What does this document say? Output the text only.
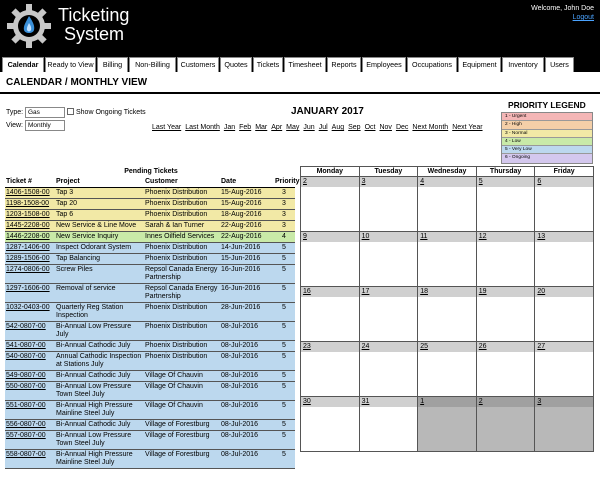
Ticketing
System
Welcome, John Doe
Logout
Calendar	Ready to View	Billing	Non-Billing	Customers	Quotes	Tickets	Timesheet	Reports	Employees	Occupations	Equipment	Inventory	Users
CALENDAR / MONTHLY VIEW
Type: Gas	Show Ongoing Tickets
View: Monthly
JANUARY 2017
Last Year Last Month Jan Feb Mar Apr May Jun Jul Aug Sep Oct Nov Dec Next Month Next Year
PRIORITY LEGEND
1 - Urgent
2 - High
3 - Normal
4 - Low
5 - Very Low
6 - Ongoing
Pending Tickets
Ticket #	Project	Customer	Date	Priority
1406-1508-00 Tap 3	Phoenix Distribution	15-Aug-2016	3
1198-1508-00 Tap 20	Phoenix Distribution	15-Aug-2016	3
1203-1508-00 Tap 6	Phoenix Distribution	18-Aug-2016	3
1445-2208-00 New Service & Line Move	Sarah & Ian Turner	22-Aug-2016	3
1446-2208-00 New Service Inquiry	Innes Oilfield Services 22-Aug-2016	4
1287-1406-00 Inspect Odorant System	Phoenix Distribution	14-Jun-2016	5
1289-1506-00 Tap Balancing	Phoenix Distribution	15-Jun-2016	5
1274-0806-00 Screw Piles	Repsol Canada Energy Partnership
16-Jun-2016	5
1297-1606-00 Removal of service	Repsol Canada Energy Partnership
16-Jun-2016	5
1032-0403-00 Quarterly Reg Station Inspection
Phoenix Distribution	28-Jun-2016	5
542-0807-00	Bi-Annual Low Pressure July
Phoenix Distribution	08-Jul-2016	5
541-0807-00	Bi-Annual Cathodic July	Phoenix Distribution	08-Jul-2016	5
540-0807-00	Annual Cathodic Inspection at Stations July
Phoenix Distribution	08-Jul-2016	5
549-0807-00	Bi-Annual Cathodic July	Village Of Chauvin	08-Jul-2016	5
550-0807-00	Bi-Annual Low Pressure Town Steel July
Village Of Chauvin	08-Jul-2016	5
551-0807-00	Bi-Annual High Pressure Mainline Steel July
Village Of Chauvin	08-Jul-2016	5
556-0807-00	Bi-Annual Cathodic July	Village of Forestburg	08-Jul-2016	5
557-0807-00	Bi-Annual Low Pressure Town Steel July
Village of Forestburg	08-Jul-2016	5
558-0807-00	Bi-Annual High Pressure Mainline Steel July
Village of Forestburg	08-Jul-2016	5
Monday	Tuesday	Wednesday	Thursday	Friday
2	3	4	5	6
9	10	11	12	13
16	17	18	19	20
23	24	25	26	27
30	31	1	2	3
